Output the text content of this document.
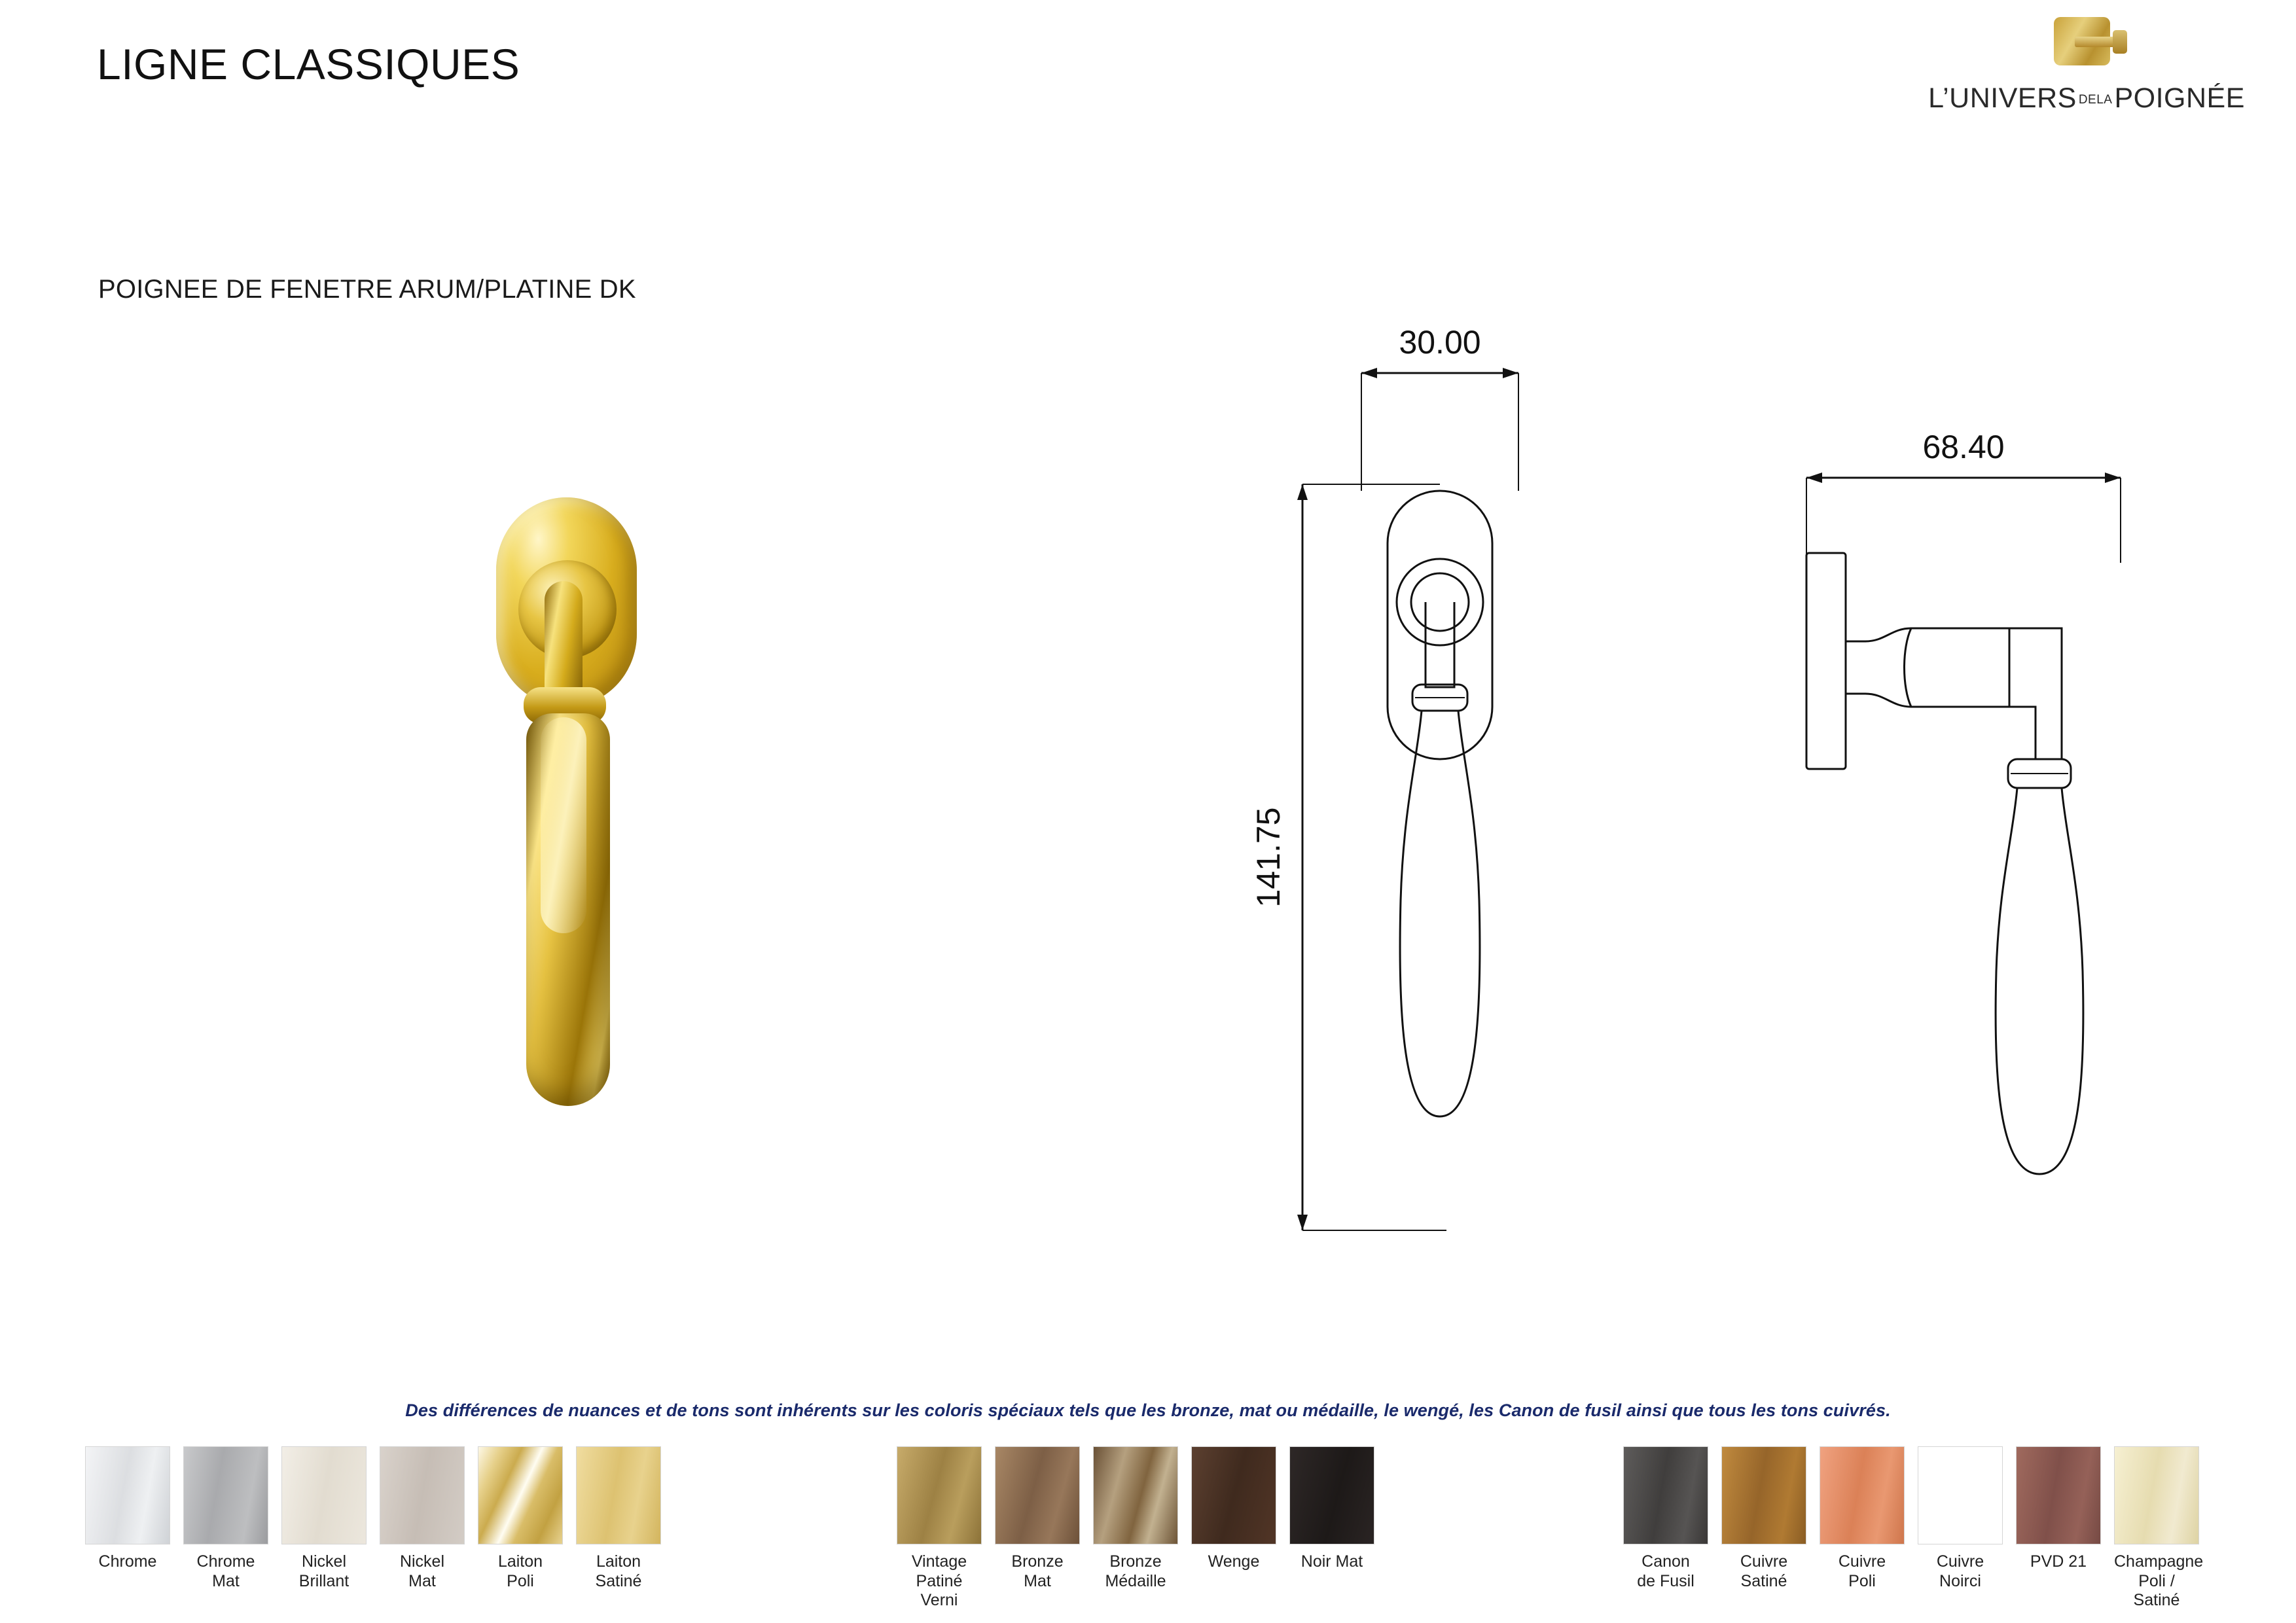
LIGNE CLASSIQUES
L’UNIVERS DELAPOIGNÉE
POIGNEE DE FENETRE ARUM/PLATINE DK
30.00
141.75
68.40
Des différences de nuances et de tons sont inhérents sur les coloris spéciaux tels que les bronze, mat ou médaille, le wengé, les Canon de fusil ainsi que tous les tons cuivrés.
Chrome	Chrome
Mat
Nickel
Brillant
Nickel
Mat
Laiton
Poli
Laiton
Satiné
Vintage Patiné
Verni
Bronze
Mat
Bronze
Médaille
Wenge	Noir Mat	Canon
de Fusil
Cuivre
Satiné
Cuivre
Poli
Cuivre
Noirci
PVD 21	Champagne
Poli / Satiné
